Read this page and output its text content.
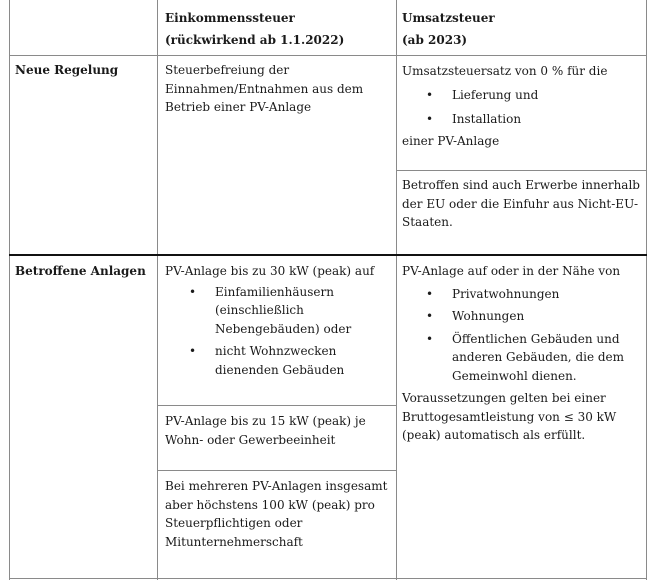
Einkommenssteuer

(rückwirkend ab 1.1.2022)

Umsatzsteuer

(ab 2023)

Neue Regelung	Steuerbefreiung der Einnahmen/Entnahmen aus dem Betrieb einer PV-Anlage

Umsatzsteuersatz von 0 % für die

• Lieferung und
• Installation

einer PV-Anlage

Betroffen sind auch Erwerbe innerhalb der EU oder die Einfuhr aus Nicht-EU-Staaten.
Betroffene Anlagen	PV-Anlage bis zu 30 kW (peak) auf

• Einfamilienhäusern (einschließlich Nebengebäuden) oder
• nicht Wohnzwecken dienenden Gebäuden
PV-Anlage bis zu 15 kW (peak) je Wohn- oder Gewerbeeinheit
Bei mehreren PV-Anlagen insgesamt aber höchstens 100 kW (peak) pro Steuerpflichtigen oder Mitunternehmerschaft

PV-Anlage auf oder in der Nähe von

• Privatwohnungen
• Wohnungen
• Öffentlichen Gebäuden und anderen Gebäuden, die dem Gemeinwohl dienen.

Voraussetzungen gelten bei einer Bruttogesamtleistung von ≤ 30 kW (peak) automatisch als erfüllt.
